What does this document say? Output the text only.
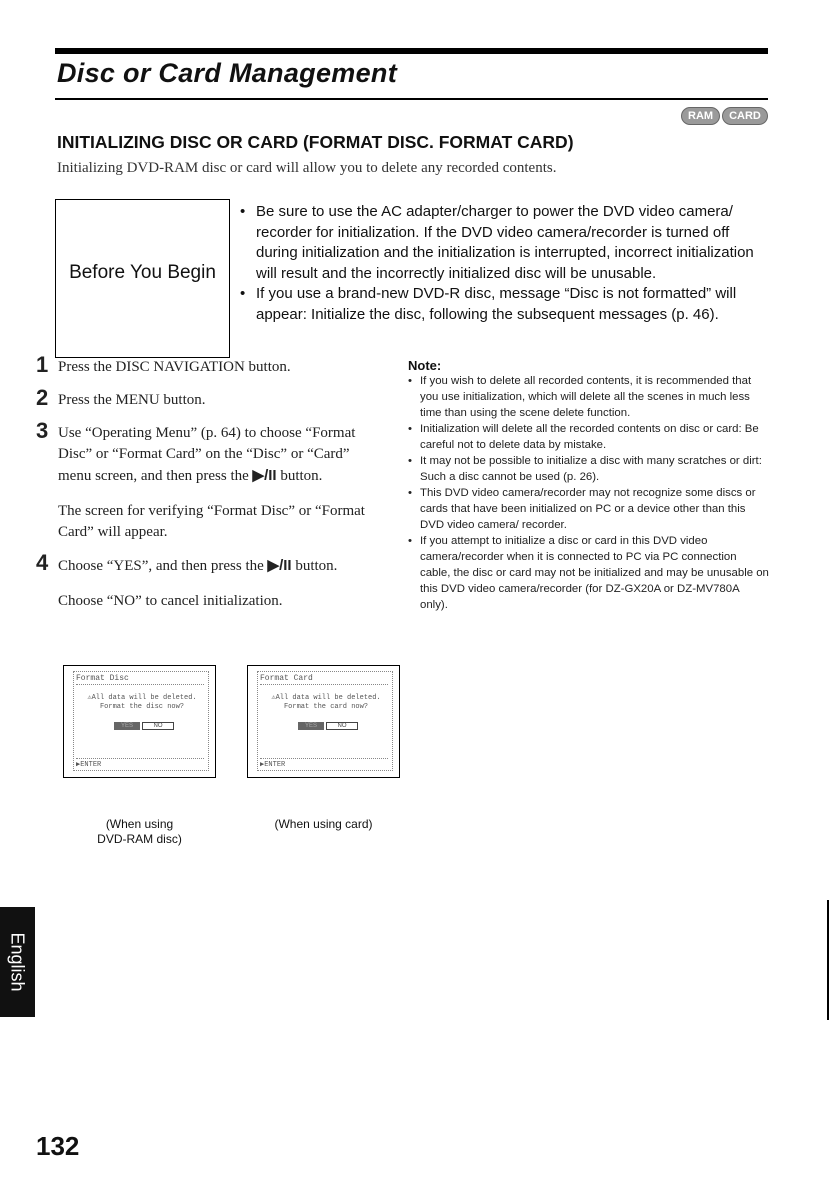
Disc or Card Management
RAM	CARD
INITIALIZING DISC OR CARD (FORMAT DISC. FORMAT CARD)
Initializing DVD-RAM disc or card will allow you to delete any recorded contents.
Before You Begin
• Be sure to use the AC adapter/charger to power the DVD video camera/ recorder for initialization. If the DVD video camera/recorder is turned off during initialization and the initialization is interrupted, incorrect initialization will result and the incorrectly initialized disc will be unusable.
• If you use a brand-new DVD-R disc, message “Disc is not formatted” will appear: Initialize the disc, following the subsequent messages (p. 46).
1 Press the DISC NAVIGATION button.

2 Press the MENU button.

3 Use “Operating Menu” (p. 64) to choose “Format Disc” or “Format Card” on the “Disc” or “Card” menu screen, and then press the ▶/II button.

The screen for verifying “Format Disc” or “Format Card” will appear.

4 Choose “YES”, and then press the ▶/II button.

Choose “NO” to cancel initialization.

Format Disc
⚠All data will be deleted.
Format the disc now?
YES	NO
▶ENTER
(When using
DVD-RAM disc)
Format Card
⚠All data will be deleted.
Format the card now?
YES	NO
▶ENTER
(When using card)
Note:
• If you wish to delete all recorded contents, it is recommended that you use initialization, which will delete all the scenes in much less time than using the scene delete function.
• Initialization will delete all the recorded contents on disc or card: Be careful not to delete data by mistake.
• It may not be possible to initialize a disc with many scratches or dirt: Such a disc cannot be used (p. 26).
• This DVD video camera/recorder may not recognize some discs or cards that have been initialized on PC or a device other than this DVD video camera/ recorder.
• If you attempt to initialize a disc or card in this DVD video camera/recorder when it is connected to PC via PC connection cable, the disc or card may not be initialized and may be unusable on this DVD video camera/recorder (for DZ-GX20A or DZ-MV780A only).
English
132
